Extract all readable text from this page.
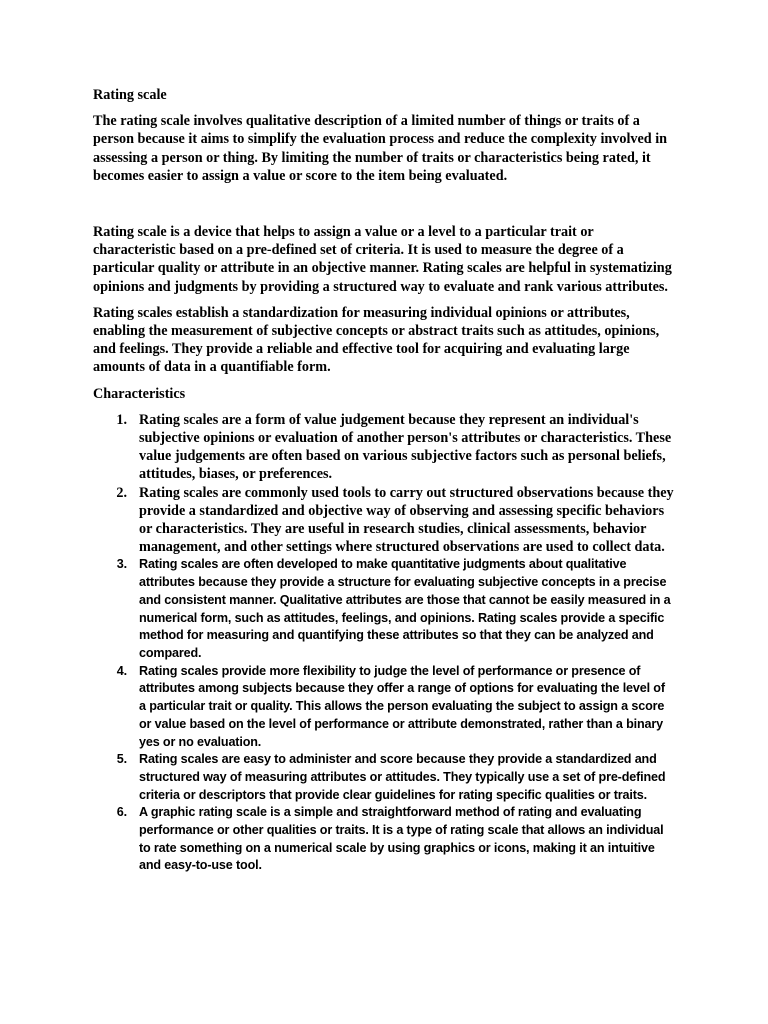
Rating scale

The rating scale involves qualitative description of a limited number of things or traits of a person because it aims to simplify the evaluation process and reduce the complexity involved in assessing a person or thing. By limiting the number of traits or characteristics being rated, it becomes easier to assign a value or score to the item being evaluated.

Rating scale is a device that helps to assign a value or a level to a particular trait or characteristic based on a pre-defined set of criteria. It is used to measure the degree of a particular quality or attribute in an objective manner. Rating scales are helpful in systematizing opinions and judgments by providing a structured way to evaluate and rank various attributes.

Rating scales establish a standardization for measuring individual opinions or attributes, enabling the measurement of subjective concepts or abstract traits such as attitudes, opinions, and feelings. They provide a reliable and effective tool for acquiring and evaluating large amounts of data in a quantifiable form.

Characteristics

1. Rating scales are a form of value judgement because they represent an individual's subjective opinions or evaluation of another person's attributes or characteristics. These value judgements are often based on various subjective factors such as personal beliefs, attitudes, biases, or preferences.
2. Rating scales are commonly used tools to carry out structured observations because they provide a standardized and objective way of observing and assessing specific behaviors or characteristics. They are useful in research studies, clinical assessments, behavior management, and other settings where structured observations are used to collect data.
3. Rating scales are often developed to make quantitative judgments about qualitative attributes because they provide a structure for evaluating subjective concepts in a precise and consistent manner. Qualitative attributes are those that cannot be easily measured in a numerical form, such as attitudes, feelings, and opinions. Rating scales provide a specific method for measuring and quantifying these attributes so that they can be analyzed and compared.
4. Rating scales provide more flexibility to judge the level of performance or presence of attributes among subjects because they offer a range of options for evaluating the level of a particular trait or quality. This allows the person evaluating the subject to assign a score or value based on the level of performance or attribute demonstrated, rather than a binary yes or no evaluation.
5. Rating scales are easy to administer and score because they provide a standardized and structured way of measuring attributes or attitudes. They typically use a set of pre-defined criteria or descriptors that provide clear guidelines for rating specific qualities or traits.
6. A graphic rating scale is a simple and straightforward method of rating and evaluating performance or other qualities or traits. It is a type of rating scale that allows an individual to rate something on a numerical scale by using graphics or icons, making it an intuitive and easy-to-use tool.
